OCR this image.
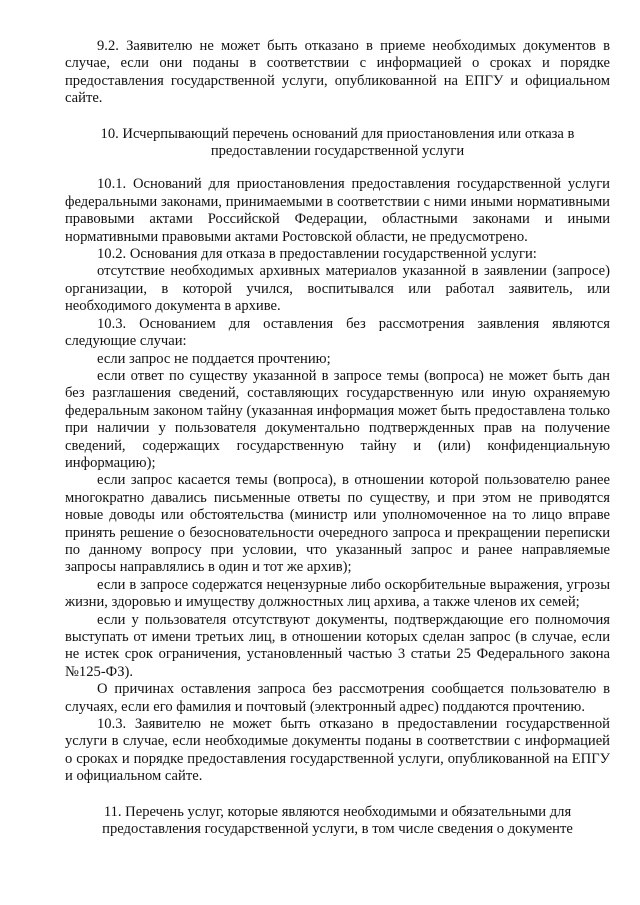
9.2. Заявителю не может быть отказано в приеме необходимых документов в случае, если они поданы в соответствии с информацией о сроках и порядке предоставления государственной услуги, опубликованной на ЕПГУ и официальном сайте.

10. Исчерпывающий перечень оснований для приостановления или отказа в предоставлении государственной услуги

10.1. Оснований для приостановления предоставления государственной услуги федеральными законами, принимаемыми в соответствии с ними иными нормативными правовыми актами Российской Федерации, областными законами и иными нормативными правовыми актами Ростовской области, не предусмотрено.

10.2. Основания для отказа в предоставлении государственной услуги:

отсутствие необходимых архивных материалов указанной в заявлении (запросе) организации, в которой учился, воспитывался или работал заявитель, или необходимого документа в архиве.

10.3. Основанием для оставления без рассмотрения заявления являются следующие случаи:

если запрос не поддается прочтению;

если ответ по существу указанной в запросе темы (вопроса) не может быть дан без разглашения сведений, составляющих государственную или иную охраняемую федеральным законом тайну (указанная информация может быть предоставлена только при наличии у пользователя документально подтвержденных прав на получение сведений, содержащих государственную тайну и (или) конфиденциальную информацию);

если запрос касается темы (вопроса), в отношении которой пользователю ранее многократно давались письменные ответы по существу, и при этом не приводятся новые доводы или обстоятельства (министр или уполномоченное на то лицо вправе принять решение о безосновательности очередного запроса и прекращении переписки по данному вопросу при условии, что указанный запрос и ранее направляемые запросы направлялись в один и тот же архив);

если в запросе содержатся нецензурные либо оскорбительные выражения, угрозы жизни, здоровью и имуществу должностных лиц архива, а также членов их семей;

если у пользователя отсутствуют документы, подтверждающие его полномочия выступать от имени третьих лиц, в отношении которых сделан запрос (в случае, если не истек срок ограничения, установленный частью 3 статьи 25 Федерального закона №125-ФЗ).

О причинах оставления запроса без рассмотрения сообщается пользователю в случаях, если его фамилия и почтовый (электронный адрес) поддаются прочтению.

10.3. Заявителю не может быть отказано в предоставлении государственной услуги в случае, если необходимые документы поданы в соответствии с информацией о сроках и порядке предоставления государственной услуги, опубликованной на ЕПГУ и официальном сайте.

11. Перечень услуг, которые являются необходимыми и обязательными для предоставления государственной услуги, в том числе сведения о документе
